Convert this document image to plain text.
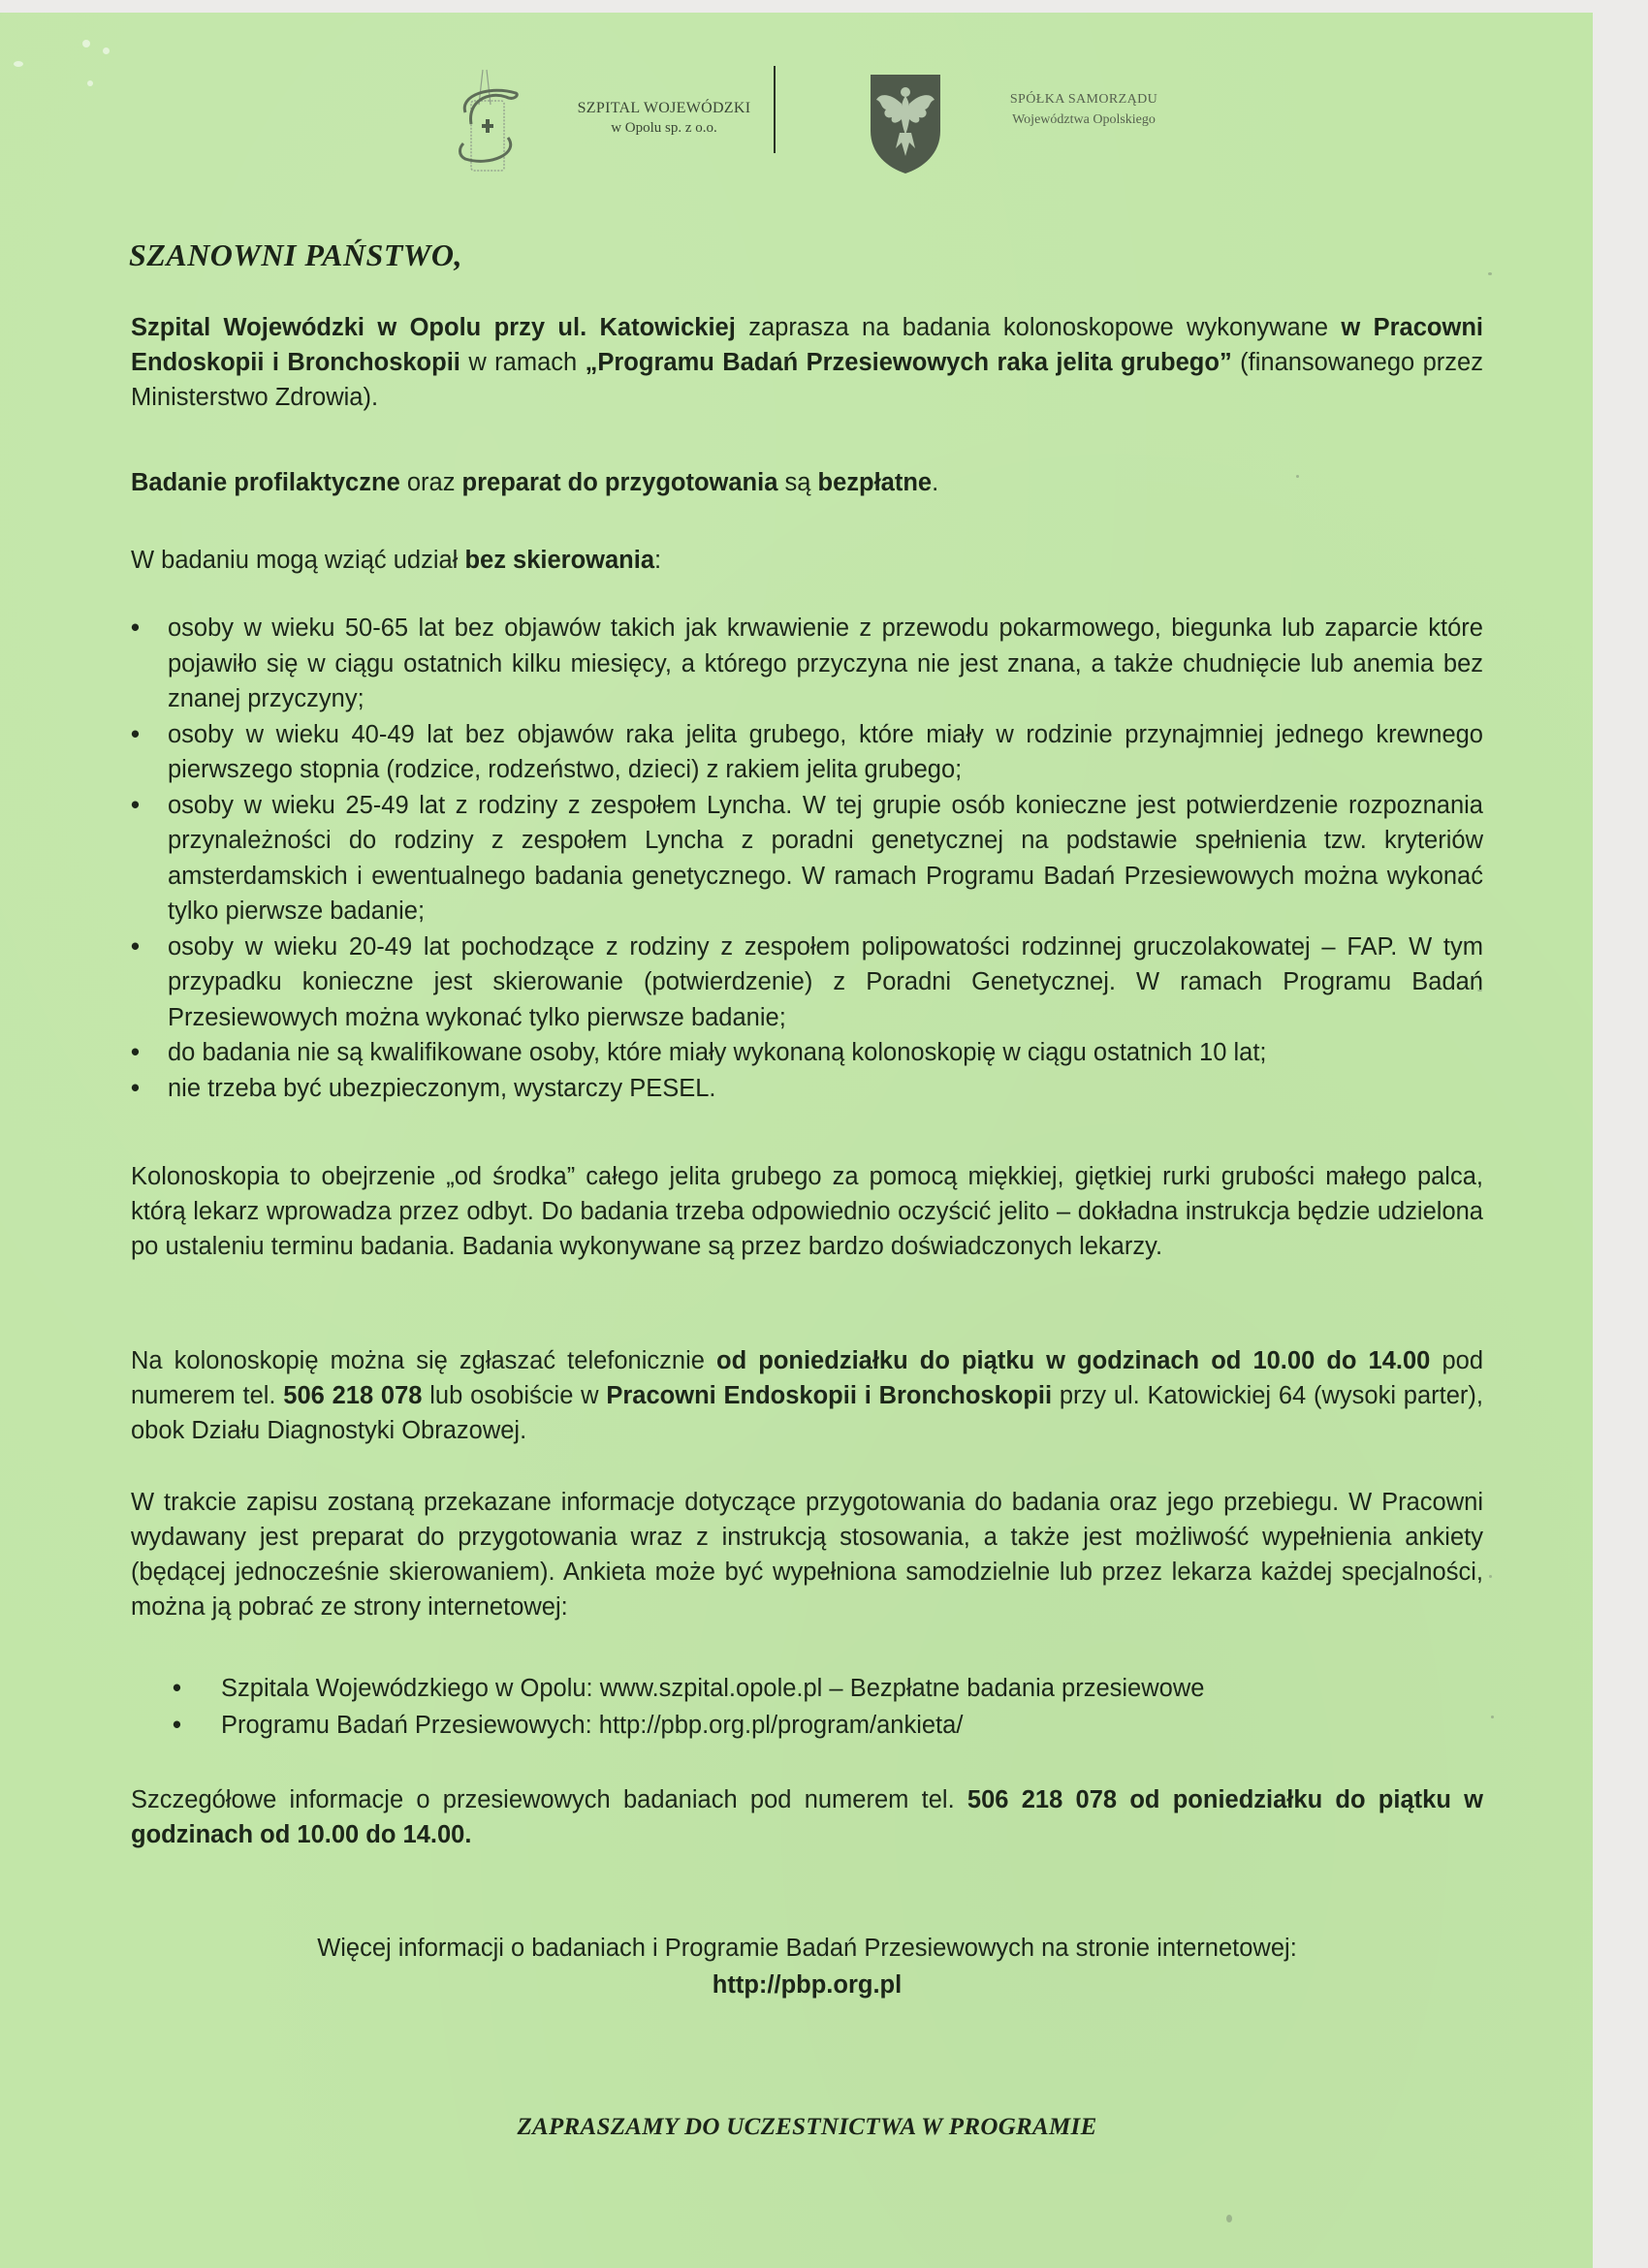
SZPITAL WOJEWÓDZKI
w Opolu sp. z o.o.
SPÓŁKA SAMORZĄDU
Województwa Opolskiego
SZANOWNI PAŃSTWO,
Szpital Wojewódzki w Opolu przy ul. Katowickiej zaprasza na badania kolonoskopowe wykonywane w Pracowni Endoskopii i Bronchoskopii w ramach „Programu Badań Przesiewowych raka jelita grubego” (finansowanego przez Ministerstwo Zdrowia).
Badanie profilaktyczne oraz preparat do przygotowania są bezpłatne.
W badaniu mogą wziąć udział bez skierowania:
• osoby w wieku 50-65 lat bez objawów takich jak krwawienie z przewodu pokarmowego, biegunka lub zaparcie które pojawiło się w ciągu ostatnich kilku miesięcy, a którego przyczyna nie jest znana, a także chudnięcie lub anemia bez znanej przyczyny;
• osoby w wieku 40-49 lat bez objawów raka jelita grubego, które miały w rodzinie przynajmniej jednego krewnego pierwszego stopnia (rodzice, rodzeństwo, dzieci) z rakiem jelita grubego;
• osoby w wieku 25-49 lat z rodziny z zespołem Lyncha. W tej grupie osób konieczne jest potwierdzenie rozpoznania przynależności do rodziny z zespołem Lyncha z poradni genetycznej na podstawie spełnienia tzw. kryteriów amsterdamskich i ewentualnego badania genetycznego. W ramach Programu Badań Przesiewowych można wykonać tylko pierwsze badanie;
• osoby w wieku 20-49 lat pochodzące z rodziny z zespołem polipowatości rodzinnej gruczolakowatej – FAP. W tym przypadku konieczne jest skierowanie (potwierdzenie) z Poradni Genetycznej. W ramach Programu Badań Przesiewowych można wykonać tylko pierwsze badanie;
• do badania nie są kwalifikowane osoby, które miały wykonaną kolonoskopię w ciągu ostatnich 10 lat;
• nie trzeba być ubezpieczonym, wystarczy PESEL.
Kolonoskopia to obejrzenie „od środka” całego jelita grubego za pomocą miękkiej, giętkiej rurki grubości małego palca, którą lekarz wprowadza przez odbyt. Do badania trzeba odpowiednio oczyścić jelito – dokładna instrukcja będzie udzielona po ustaleniu terminu badania. Badania wykonywane są przez bardzo doświadczonych lekarzy.
Na kolonoskopię można się zgłaszać telefonicznie od poniedziałku do piątku w godzinach od 10.00 do 14.00 pod numerem tel. 506 218 078 lub osobiście w Pracowni Endoskopii i Bronchoskopii przy ul. Katowickiej 64 (wysoki parter), obok Działu Diagnostyki Obrazowej.
W trakcie zapisu zostaną przekazane informacje dotyczące przygotowania do badania oraz jego przebiegu. W Pracowni wydawany jest preparat do przygotowania wraz z instrukcją stosowania, a także jest możliwość wypełnienia ankiety (będącej jednocześnie skierowaniem). Ankieta może być wypełniona samodzielnie lub przez lekarza każdej specjalności, można ją pobrać ze strony internetowej:
• Szpitala Wojewódzkiego w Opolu: www.szpital.opole.pl – Bezpłatne badania przesiewowe
• Programu Badań Przesiewowych: http://pbp.org.pl/program/ankieta/
Szczegółowe informacje o przesiewowych badaniach pod numerem tel. 506 218 078 od poniedziałku do piątku w godzinach od 10.00 do 14.00.
Więcej informacji o badaniach i Programie Badań Przesiewowych na stronie internetowej:
http://pbp.org.pl
ZAPRASZAMY DO UCZESTNICTWA W PROGRAMIE
